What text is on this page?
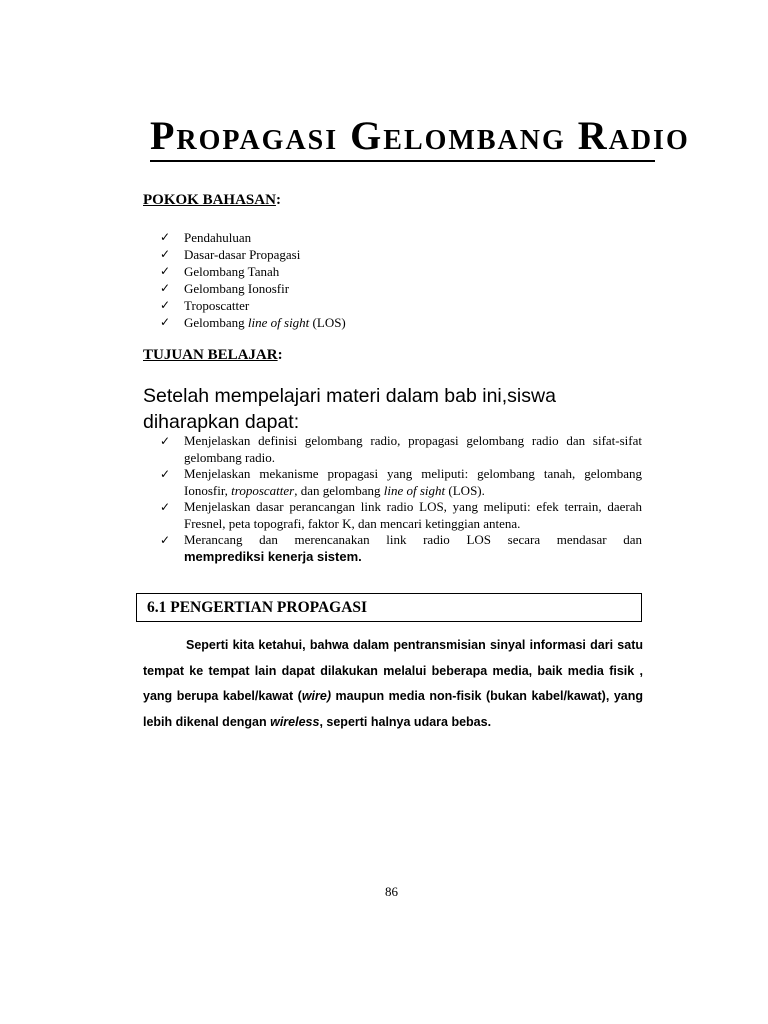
Propagasi Gelombang Radio
POKOK BAHASAN:
✓ Pendahuluan
✓ Dasar-dasar Propagasi
✓ Gelombang Tanah
✓ Gelombang Ionosfir
✓ Troposcatter
✓ Gelombang line of sight (LOS)
TUJUAN BELAJAR:
Setelah mempelajari materi dalam bab ini,siswa
diharapkan dapat:
✓ Menjelaskan definisi gelombang radio, propagasi gelombang radio dan sifat-sifat gelombang radio.
✓ Menjelaskan mekanisme propagasi yang meliputi: gelombang tanah, gelombang Ionosfir, troposcatter, dan gelombang line of sight (LOS).
✓ Menjelaskan dasar perancangan link radio LOS, yang meliputi: efek terrain, daerah Fresnel, peta topografi, faktor K, dan mencari ketinggian antena.
✓ Merancang dan merencanakan link radio LOS secara mendasar dan
memprediksi kenerja sistem.
6.1 PENGERTIAN PROPAGASI

Seperti kita ketahui, bahwa dalam pentransmisian sinyal informasi dari satu tempat ke tempat lain dapat dilakukan melalui beberapa media, baik media fisik , yang berupa kabel/kawat (wire) maupun media non-fisik (bukan kabel/kawat), yang lebih dikenal dengan wireless, seperti halnya udara bebas.

86
